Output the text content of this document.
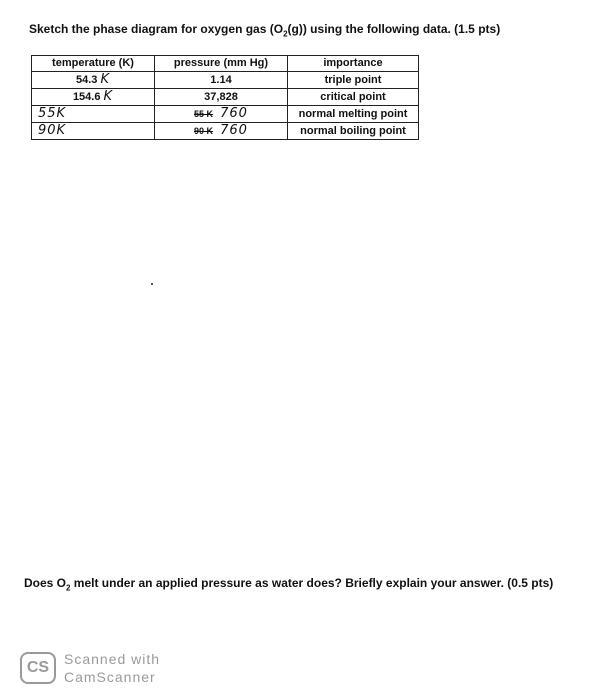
Sketch the phase diagram for oxygen gas $(O_2(g))$ using the following data. (1.5 pts)
temperature (K)	pressure (mm Hg)	importance
54.3 K	1.14	triple point
154.6 K	37,828	critical point
55K	55 K 760	normal melting point
90K	90 K 760	normal boiling point
Does $O_2$ melt under an applied pressure as water does? Briefly explain your answer. (0.5 pts)
CS	Scanned with
CamScanner
